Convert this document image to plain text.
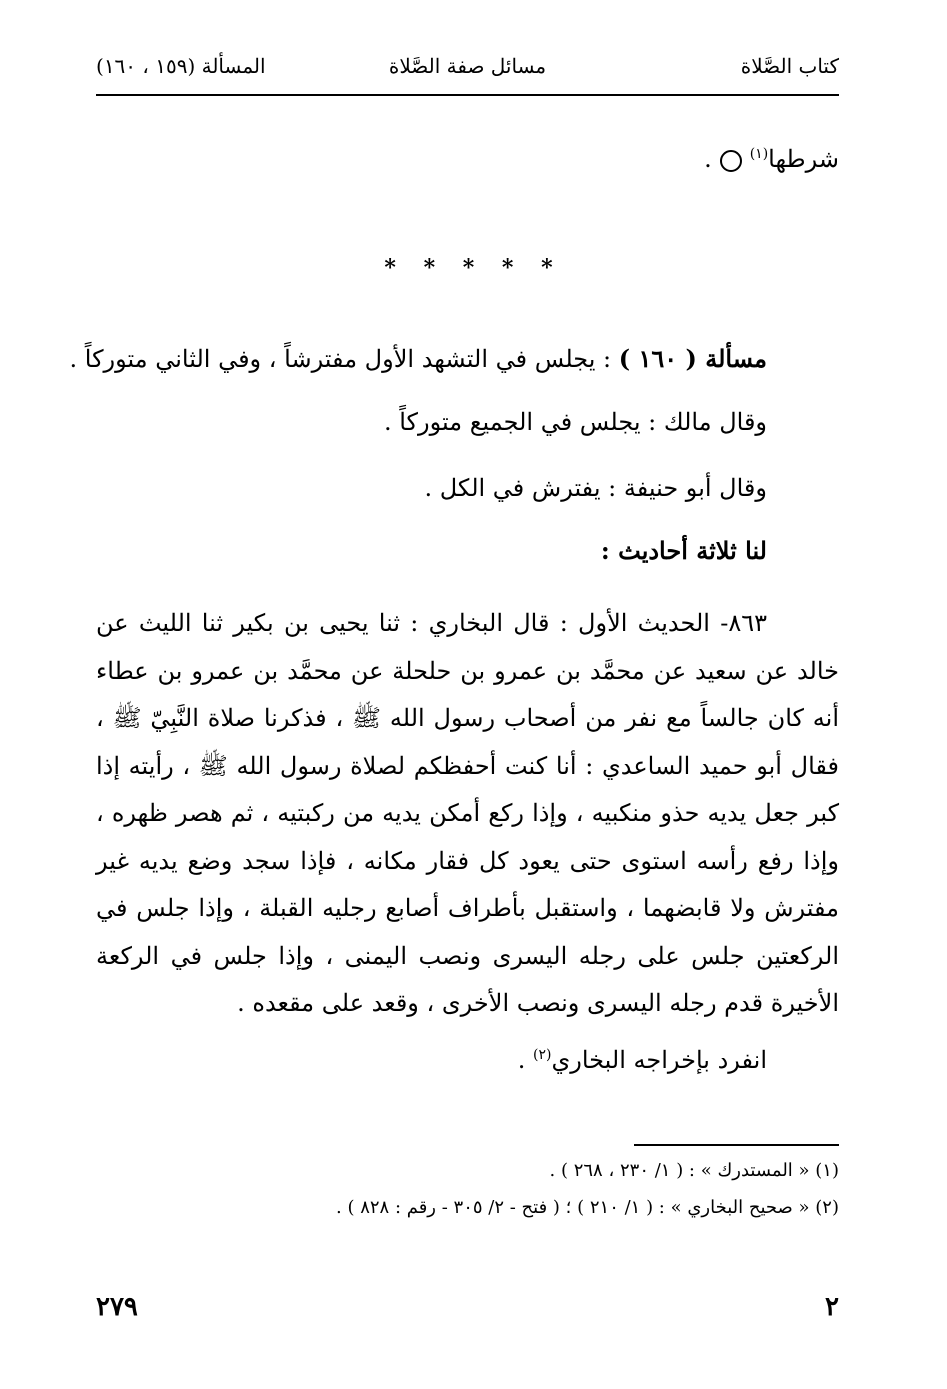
كتاب الصَّلاة
مسائل صفة الصَّلاة
المسألة (١٥٩ ، ١٦٠)
شرطها$^{(١)}$.
* * * * *
مسألة ( ١٦٠ ) : يجلس في التشهد الأول مفترشاً ، وفي الثاني متوركاً .
وقال مالك : يجلس في الجميع متوركاً .
وقال أبو حنيفة : يفترش في الكل .
لنا ثلاثة أحاديث :
٨٦٣- الحديث الأول : قال البخاري : ثنا يحيى بن بكير ثنا الليث عن خالد عن سعيد عن محمَّد بن عمرو بن حلحلة عن محمَّد بن عمرو بن عطاء أنه كان جالساً مع نفر من أصحاب رسول الله ﷺ ، فذكرنا صلاة النَّبِيّ ﷺ ، فقال أبو حميد الساعدي : أنا كنت أحفظكم لصلاة رسول الله ﷺ ، رأيته إذا كبر جعل يديه حذو منكبيه ، وإذا ركع أمكن يديه من ركبتيه ، ثم هصر ظهره ، وإذا رفع رأسه استوى حتى يعود كل فقار مكانه ، فإذا سجد وضع يديه غير مفترش ولا قابضهما ، واستقبل بأطراف أصابع رجليه القبلة ، وإذا جلس في الركعتين جلس على رجله اليسرى ونصب اليمنى ، وإذا جلس في الركعة الأخيرة قدم رجله اليسرى ونصب الأخرى ، وقعد على مقعده .
انفرد بإخراجه البخاري$^{(٢)}$ .
(١) « المستدرك » : ( ١/ ٢٣٠ ، ٢٦٨ ) .
(٢) « صحيح البخاري » : ( ١/ ٢١٠ ) ؛ ( فتح - ٢/ ٣٠٥ - رقم : ٨٢٨ ) .
٢٧٩	٢
